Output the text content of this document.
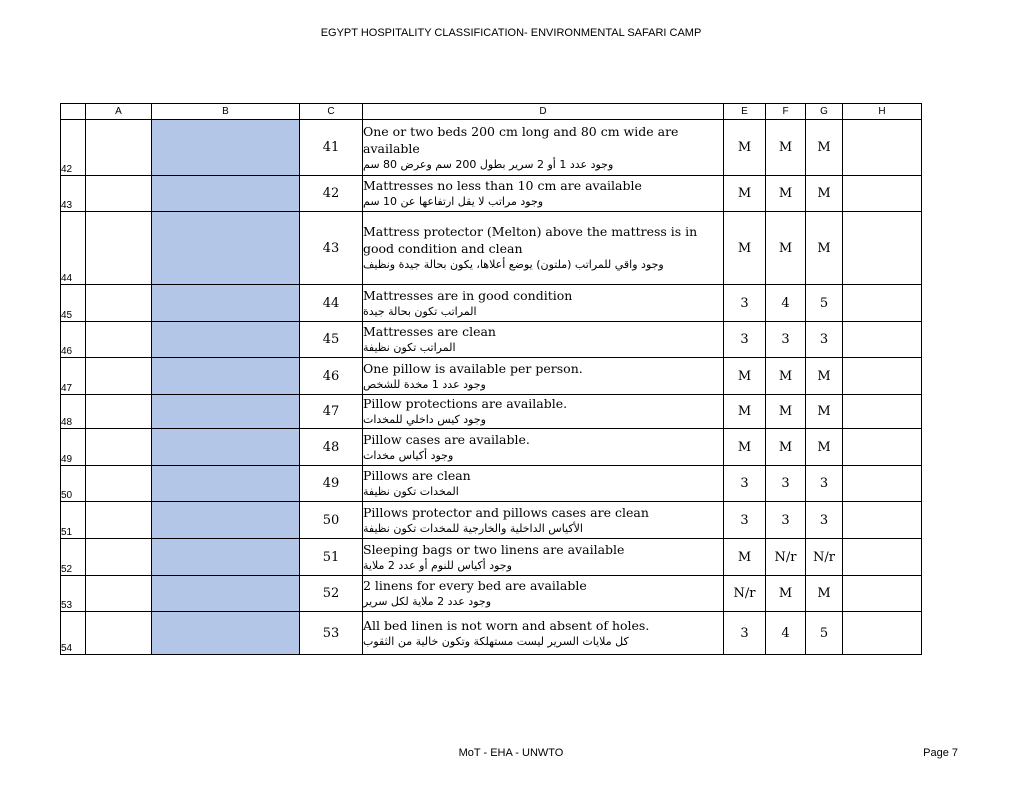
EGYPT HOSPITALITY CLASSIFICATION- ENVIRONMENTAL SAFARI CAMP
	A	B	C	D	E	F	G	H
42			41	One or two beds 200 cm long and 80 cm wide are available
وجود عدد 1 أو 2 سرير بطول 200 سم وعرض 80 سم	M	M	M	
43			42	Mattresses no less than 10 cm are available
وجود مراتب لا يقل ارتفاعها عن 10 سم	M	M	M	
44			43	Mattress protector (Melton) above the mattress is in good condition and clean
وجود واقي للمراتب (ملتون) يوضع أعلاها، يكون بحالة جيدة ونظيف	M	M	M	
45			44	Mattresses are in good condition
المراتب تكون بحالة جيدة	3	4	5	
46			45	Mattresses are clean
المراتب تكون نظيفة	3	3	3	
47			46	One pillow is available per person.
وجود عدد 1 مخدة للشخص	M	M	M	
48			47	Pillow protections are available.
وجود كيس داخلي للمخدات	M	M	M	
49			48	Pillow cases are available.
وجود أكياس مخدات	M	M	M	
50			49	Pillows are clean
المخدات تكون نظيفة	3	3	3	
51			50	Pillows protector and pillows cases are clean
الأكياس الداخلية والخارجية للمخدات تكون نظيفة	3	3	3	
52			51	Sleeping bags or two linens are available
وجود أكياس للنوم أو عدد 2 ملاية	M	N/r	N/r	
53			52	2 linens for every bed are available
وجود عدد 2 ملاية لكل سرير	N/r	M	M	
54			53	All bed linen is not worn and absent of holes.
كل ملايات السرير ليست مستهلكة وتكون خالية من الثقوب	3	4	5	
MoT - EHA - UNWTO	Page 7
